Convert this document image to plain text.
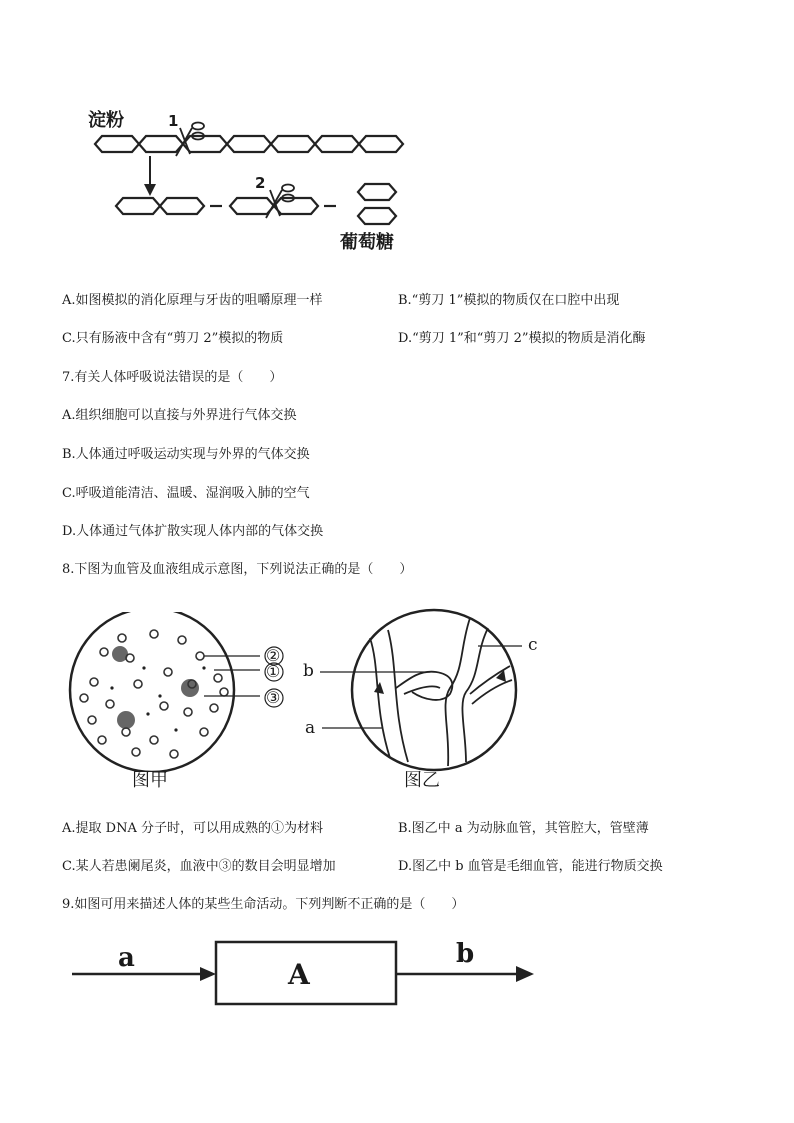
淀粉	1
2
葡萄糖
A.如图模拟的消化原理与牙齿的咀嚼原理一样	B.“剪刀 1”模拟的物质仅在口腔中出现
C.只有肠液中含有“剪刀 2”模拟的物质	D.“剪刀 1”和“剪刀 2”模拟的物质是消化酶
7.有关人体呼吸说法错误的是（　　）
A.组织细胞可以直接与外界进行气体交换
B.人体通过呼吸运动实现与外界的气体交换
C.呼吸道能清洁、温暖、湿润吸入肺的空气
D.人体通过气体扩散实现人体内部的气体交换
8.下图为血管及血液组成示意图，下列说法正确的是（　　）
②
①
③
图甲
b
a
c
图乙
A.提取 DNA 分子时，可以用成熟的①为材料	B.图乙中 a 为动脉血管，其管腔大，管壁薄
C.某人若患阑尾炎，血液中③的数目会明显增加	D.图乙中 b 血管是毛细血管，能进行物质交换
9.如图可用来描述人体的某些生命活动。下列判断不正确的是（　　）
a	A
b
